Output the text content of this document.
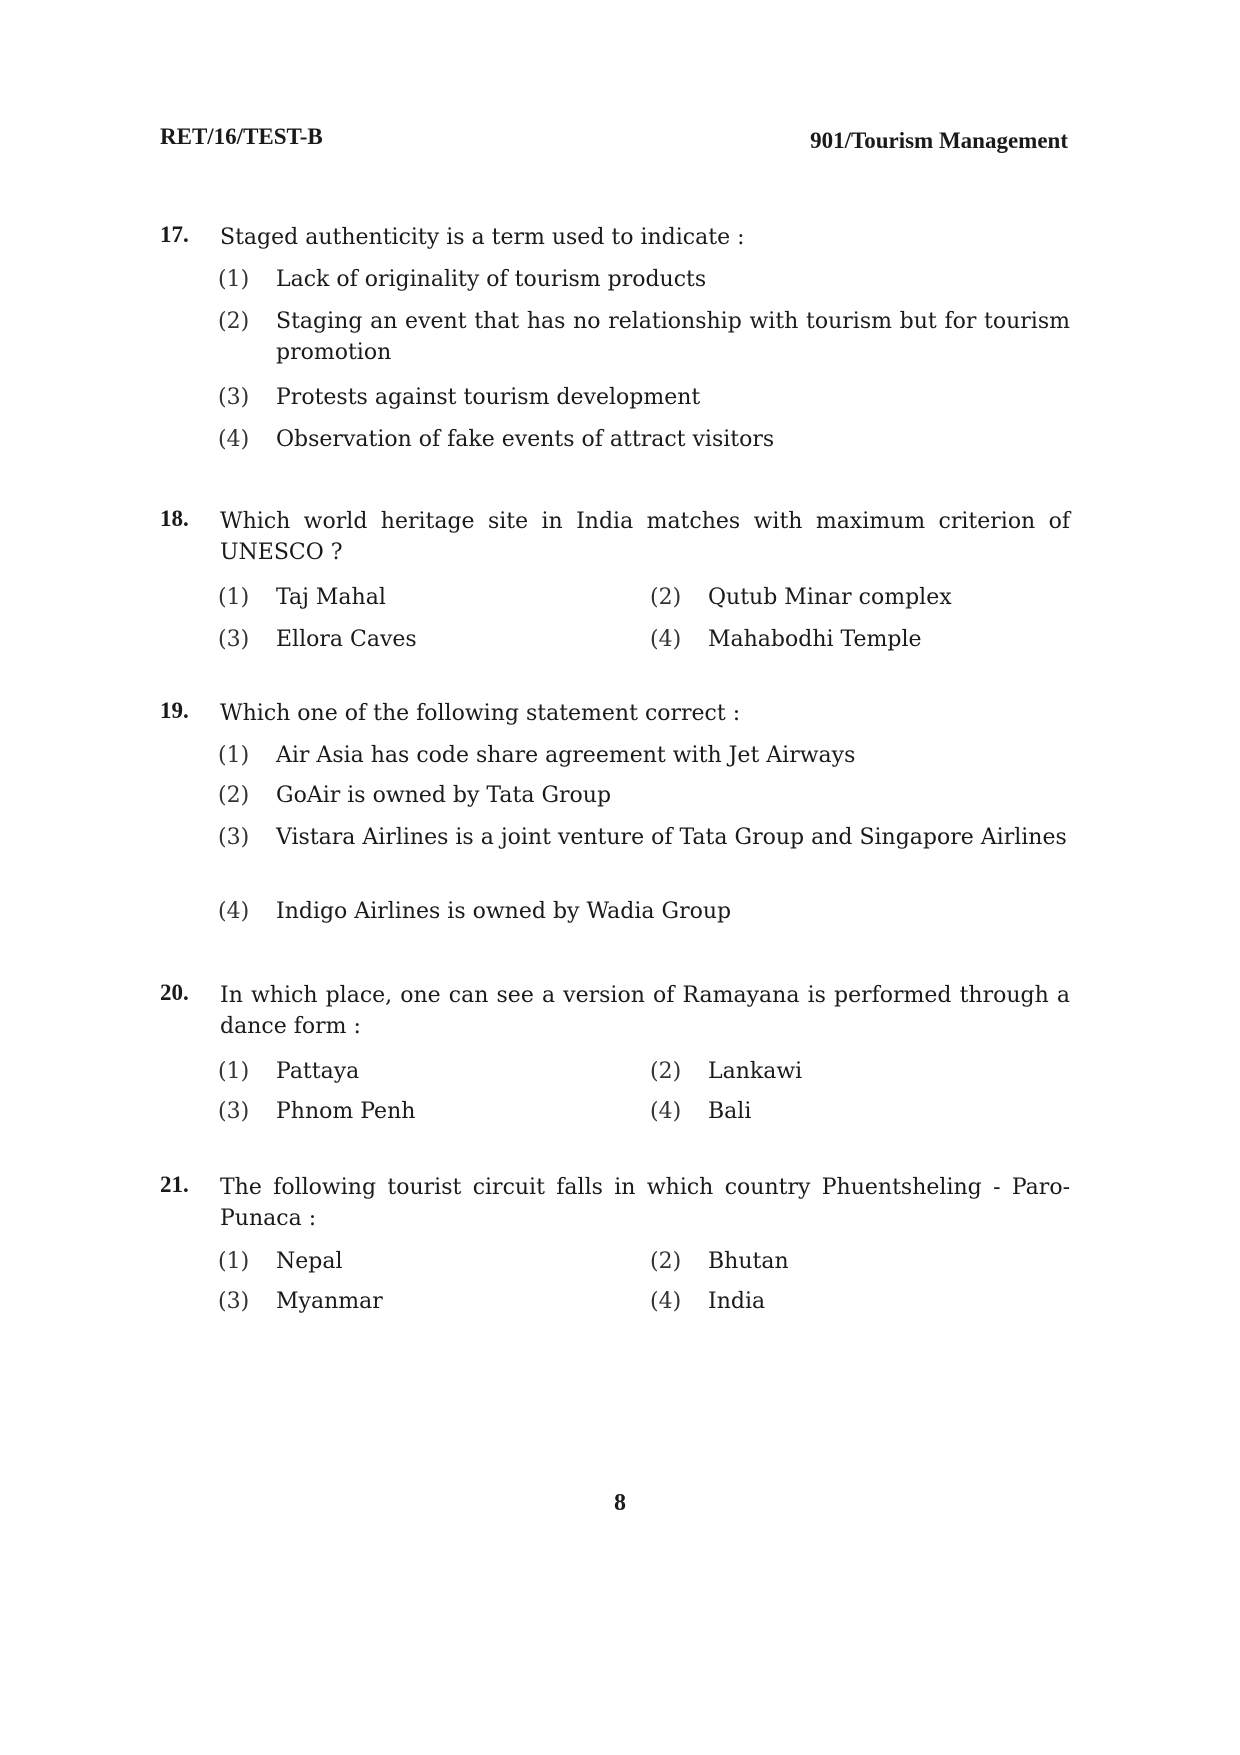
RET/16/TEST-B	901/Tourism Management
17. Staged authenticity is a term used to indicate :
(1)	Lack of originality of tourism products
(2)	Staging an event that has no relationship with tourism but for tourism promotion
(3)	Protests against tourism development
(4)	Observation of fake events of attract visitors
18. Which world heritage site in India matches with maximum criterion of UNESCO ?
(1)	Taj Mahal	(2)	Qutub Minar complex
(3)	Ellora Caves	(4)	Mahabodhi Temple
19. Which one of the following statement correct :
(1)	Air Asia has code share agreement with Jet Airways
(2)	GoAir is owned by Tata Group
(3)	Vistara Airlines is a joint venture of Tata Group and Singapore Airlines
(4)	Indigo Airlines is owned by Wadia Group
20. In which place, one can see a version of Ramayana is performed through a dance form :
(1)	Pattaya	(2)	Lankawi
(3)	Phnom Penh	(4)	Bali
21. The following tourist circuit falls in which country Phuentsheling - Paro-Punaca :
(1)	Nepal	(2)	Bhutan
(3)	Myanmar	(4)	India
8
